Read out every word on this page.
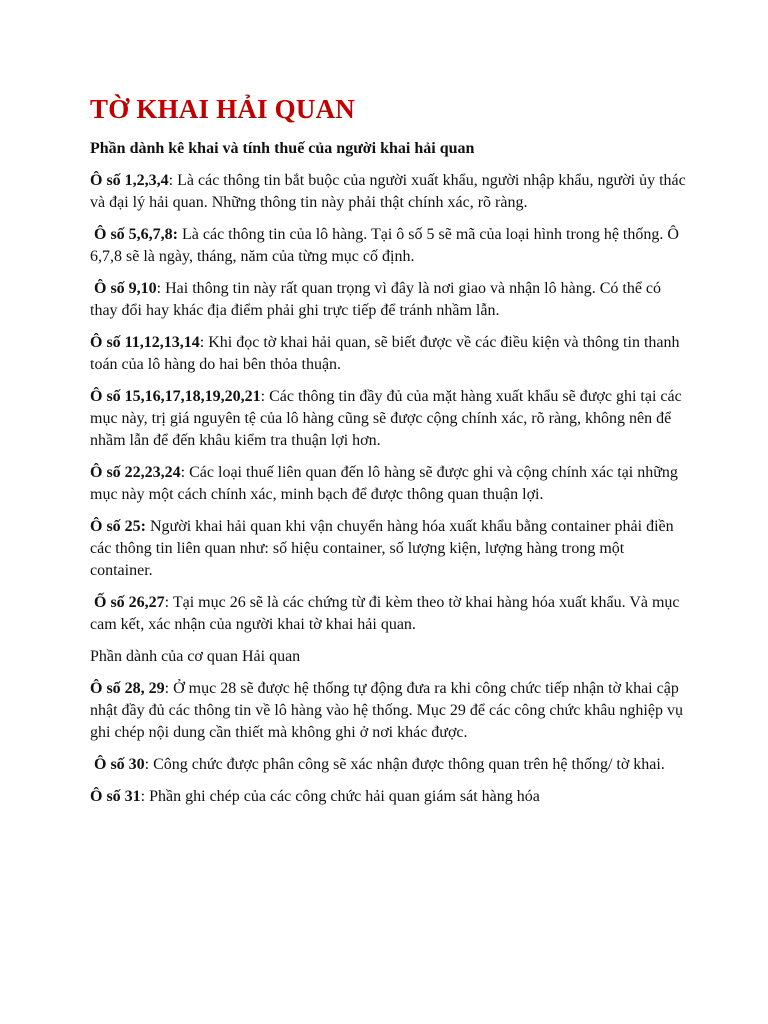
TỜ KHAI HẢI QUAN
Phần dành kê khai và tính thuế của người khai hải quan

Ô số 1,2,3,4: Là các thông tin bắt buộc của người xuất khẩu, người nhập khẩu, người ủy thác và đại lý hải quan. Những thông tin này phải thật chính xác, rõ ràng.

Ô số 5,6,7,8: Là các thông tin của lô hàng. Tại ô số 5 sẽ mã của loại hình trong hệ thống. Ô 6,7,8 sẽ là ngày, tháng, năm của từng mục cố định.

Ô số 9,10: Hai thông tin này rất quan trọng vì đây là nơi giao và nhận lô hàng. Có thể có thay đổi hay khác địa điểm phải ghi trực tiếp để tránh nhầm lẫn.

Ô số 11,12,13,14: Khi đọc tờ khai hải quan, sẽ biết được về các điều kiện và thông tin thanh toán của lô hàng do hai bên thỏa thuận.

Ô số 15,16,17,18,19,20,21: Các thông tin đầy đủ của mặt hàng xuất khẩu sẽ được ghi tại các mục này, trị giá nguyên tệ của lô hàng cũng sẽ được cộng chính xác, rõ ràng, không nên để nhầm lẫn để đến khâu kiểm tra thuận lợi hơn.

Ô số 22,23,24: Các loại thuế liên quan đến lô hàng sẽ được ghi và cộng chính xác tại những mục này một cách chính xác, minh bạch để được thông quan thuận lợi.

Ô số 25: Người khai hải quan khi vận chuyển hàng hóa xuất khẩu bằng container phải điền các thông tin liên quan như: số hiệu container, số lượng kiện, lượng hàng trong một container.

Ố số 26,27: Tại mục 26 sẽ là các chứng từ đi kèm theo tờ khai hàng hóa xuất khẩu. Và mục cam kết, xác nhận của người khai tờ khai hải quan.

Phần dành của cơ quan Hải quan

Ô số 28, 29: Ở mục 28 sẽ được hệ thống tự động đưa ra khi công chức tiếp nhận tờ khai cập nhật đầy đủ các thông tin về lô hàng vào hệ thống. Mục 29 để các công chức khâu nghiệp vụ ghi chép nội dung cần thiết mà không ghi ở nơi khác được.

Ô số 30: Công chức được phân công sẽ xác nhận được thông quan trên hệ thống/ tờ khai.

Ô số 31: Phần ghi chép của các công chức hải quan giám sát hàng hóa
